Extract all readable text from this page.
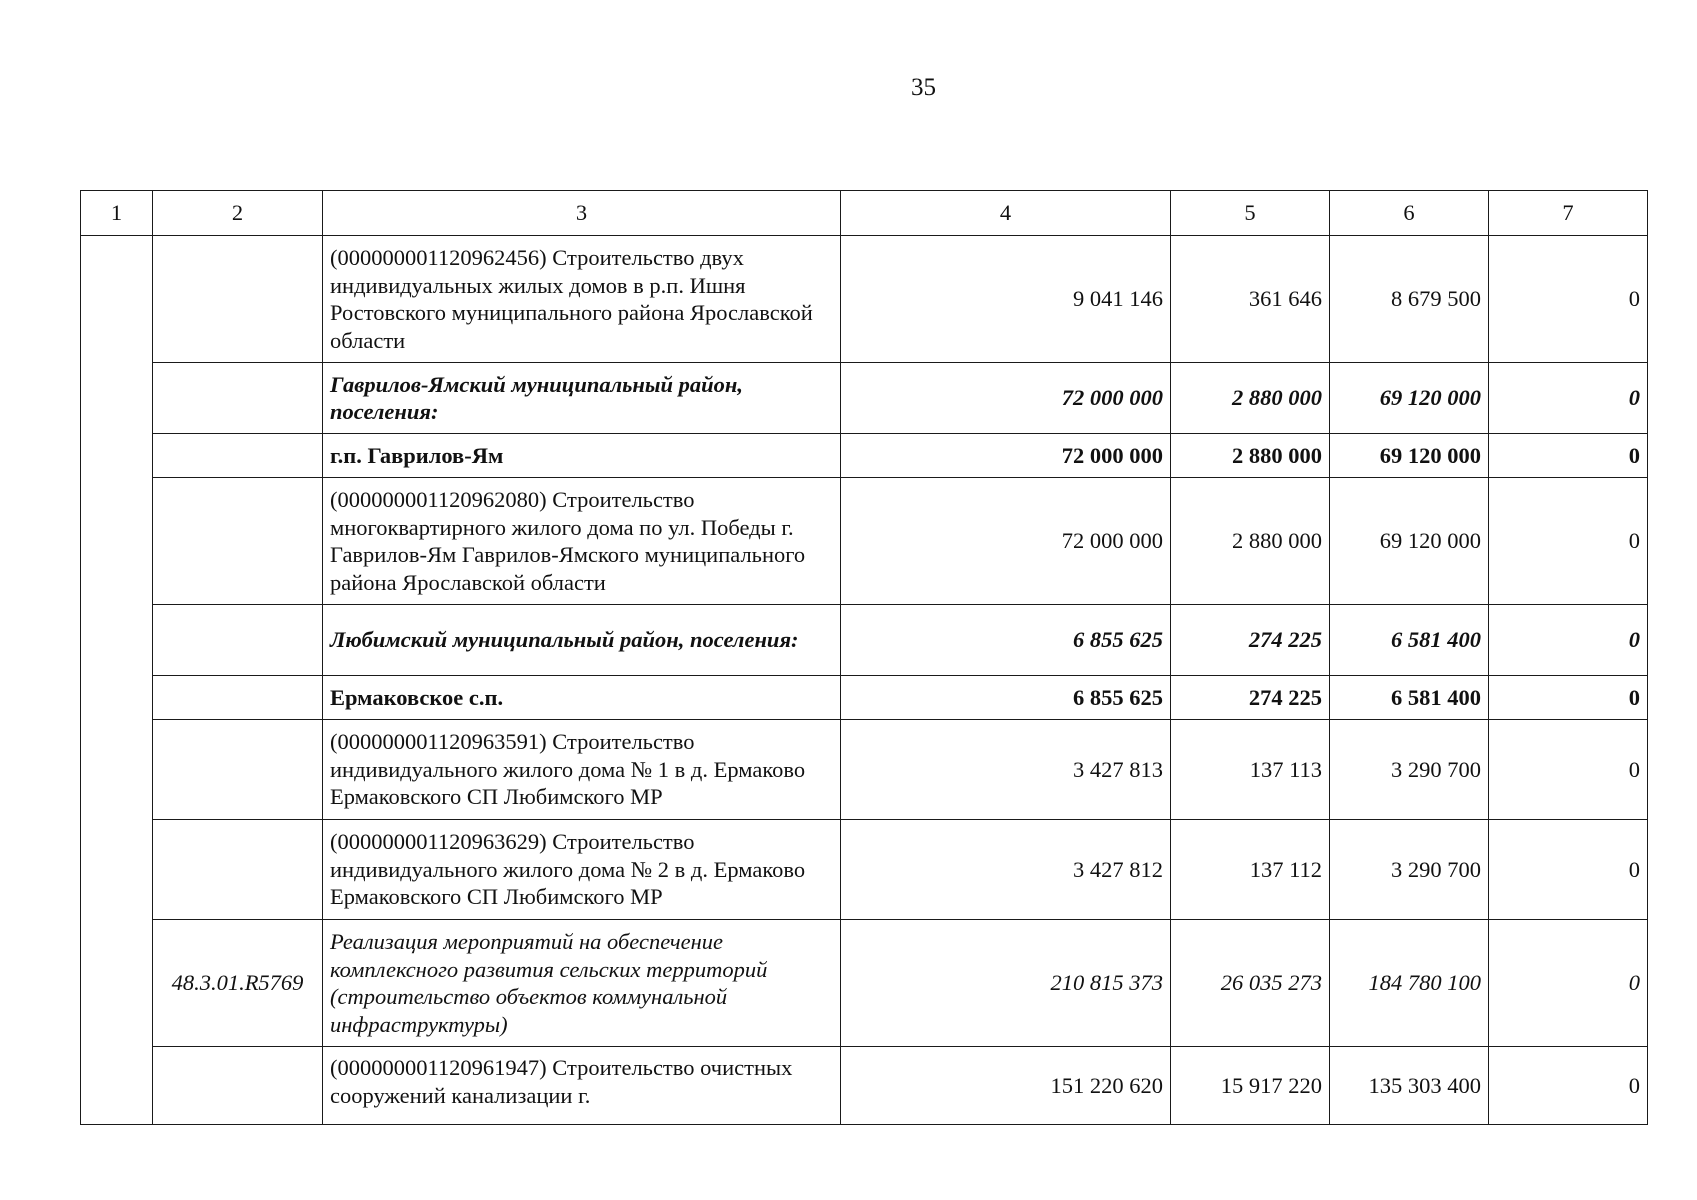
35
1	2	3	4	5	6	7
		(000000001120962456) Строительство двух индивидуальных жилых домов в р.п. Ишня Ростовского муниципального района Ярославской области	9 041 146	361 646	8 679 500	0
		Гаврилов-Ямский муниципальный район, поселения:	72 000 000	2 880 000	69 120 000	0
		г.п. Гаврилов-Ям	72 000 000	2 880 000	69 120 000	0
		(000000001120962080) Строительство многоквартирного жилого дома по ул. Победы г. Гаврилов-Ям Гаврилов-Ямского муниципального района Ярославской области	72 000 000	2 880 000	69 120 000	0
		Любимский муниципальный район, поселения:	6 855 625	274 225	6 581 400	0
		Ермаковское с.п.	6 855 625	274 225	6 581 400	0
		(000000001120963591) Строительство индивидуального жилого дома № 1 в д. Ермаково Ермаковского СП Любимского МР	3 427 813	137 113	3 290 700	0
		(000000001120963629) Строительство индивидуального жилого дома № 2 в д. Ермаково Ермаковского СП Любимского МР	3 427 812	137 112	3 290 700	0
	48.3.01.R5769	Реализация мероприятий на обеспечение комплексного развития сельских территорий (строительство объектов коммунальной инфраструктуры)	210 815 373	26 035 273	184 780 100	0
		(000000001120961947) Строительство очистных сооружений канализации г.	151 220 620	15 917 220	135 303 400	0
